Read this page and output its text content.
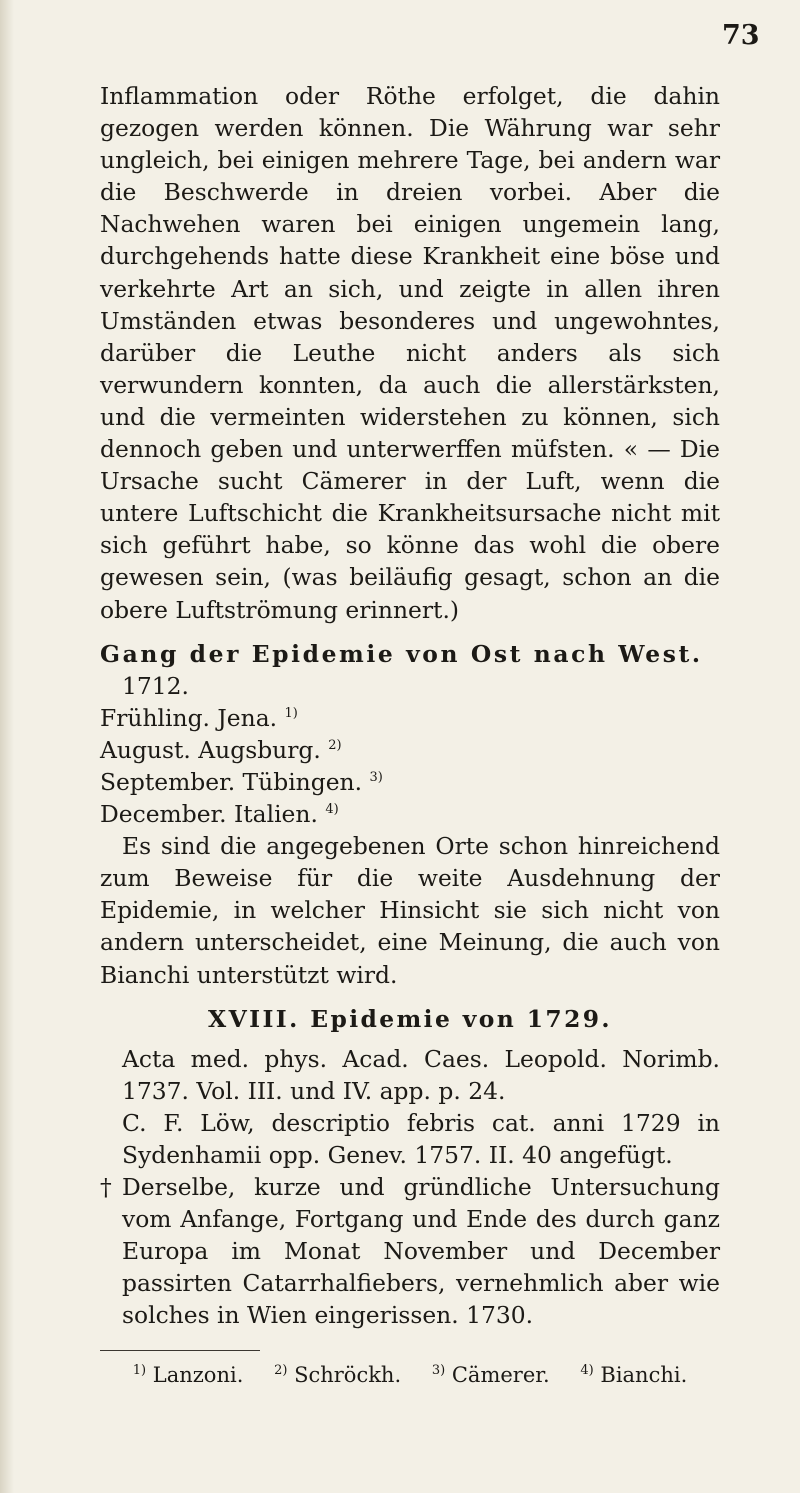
73

Inflammation oder Röthe erfolget, die dahin gezogen werden können. Die Währung war sehr ungleich, bei einigen mehrere Tage, bei andern war die Beschwerde in dreien vorbei. Aber die Nachwehen waren bei einigen ungemein lang, durchgehends hatte diese Krankheit eine böse und verkehrte Art an sich, und zeigte in allen ihren Umständen etwas besonderes und ungewohntes, darüber die Leuthe nicht anders als sich verwundern konnten, da auch die allerstärksten, und die vermeinten widerstehen zu können, sich dennoch geben und unterwerffen müfsten. « — Die Ursache sucht Cämerer in der Luft, wenn die untere Luftschicht die Krankheitsursache nicht mit sich geführt habe, so könne das wohl die obere gewesen sein, (was beiläufig gesagt, schon an die obere Luftströmung erinnert.)

Gang der Epidemie von Ost nach West.

1712.

Frühling. Jena. $^{1)}$

August. Augsburg. $^{2)}$

September. Tübingen. $^{3)}$

December. Italien. $^{4)}$

Es sind die angegebenen Orte schon hinreichend zum Beweise für die weite Ausdehnung der Epidemie, in welcher Hinsicht sie sich nicht von andern unterscheidet, eine Meinung, die auch von Bianchi unterstützt wird.

XVIII. Epidemie von 1729.

Acta med. phys. Acad. Caes. Leopold. Norimb. 1737. Vol. III. und IV. app. p. 24.

C. F. Löw, descriptio febris cat. anni 1729 in Sydenhamii opp. Genev. 1757. II. 40 angefügt.

† Derselbe, kurze und gründliche Untersuchung vom Anfange, Fortgang und Ende des durch ganz Europa im Monat November und December passirten Catarrhalfiebers, vernehmlich aber wie solches in Wien eingerissen. 1730.

$^{1)}$ Lanzoni. $^{2)}$ Schröckh. $^{3)}$ Cämerer. $^{4)}$ Bianchi.
